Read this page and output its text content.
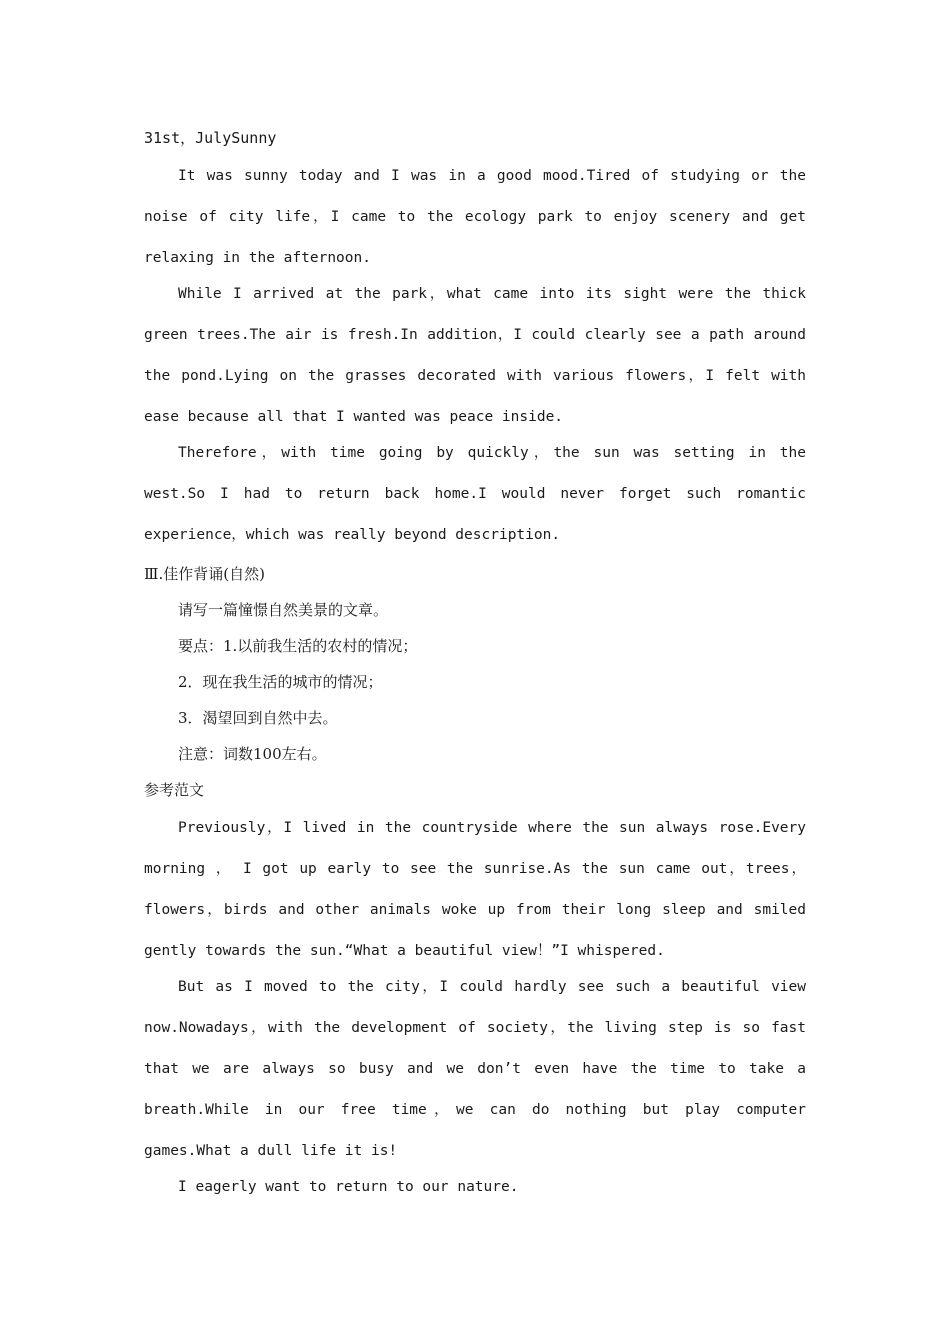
31st，JulySunny

It was sunny today and I was in a good mood.Tired of studying or the noise of city life，I came to the ecology park to enjoy scenery and get relaxing in the afternoon.

While I arrived at the park，what came into its sight were the thick green trees.The air is fresh.In addition，I could clearly see a path around the pond.Lying on the grasses decorated with various flowers，I felt with ease because all that I wanted was peace inside.

Therefore，with time going by quickly，the sun was setting in the west.So I had to return back home.I would never forget such romantic experience，which was really beyond description.

Ⅲ.佳作背诵(自然)

请写一篇憧憬自然美景的文章。

要点：1.以前我生活的农村的情况；

2．现在我生活的城市的情况；

3．渴望回到自然中去。

注意：词数100左右。

参考范文

Previously，I lived in the countryside where the sun always rose.Every morning ， I got up early to see the sunrise.As the sun came out，trees，flowers，birds and other animals woke up from their long sleep and smiled gently towards the sun.“What a beautiful view！”I whispered.

But as I moved to the city，I could hardly see such a beautiful view now.Nowadays，with the development of society，the living step is so fast that we are always so busy and we don’t even have the time to take a breath.While in our free time，we can do nothing but play computer games.What a dull life it is!

I eagerly want to return to our nature.
